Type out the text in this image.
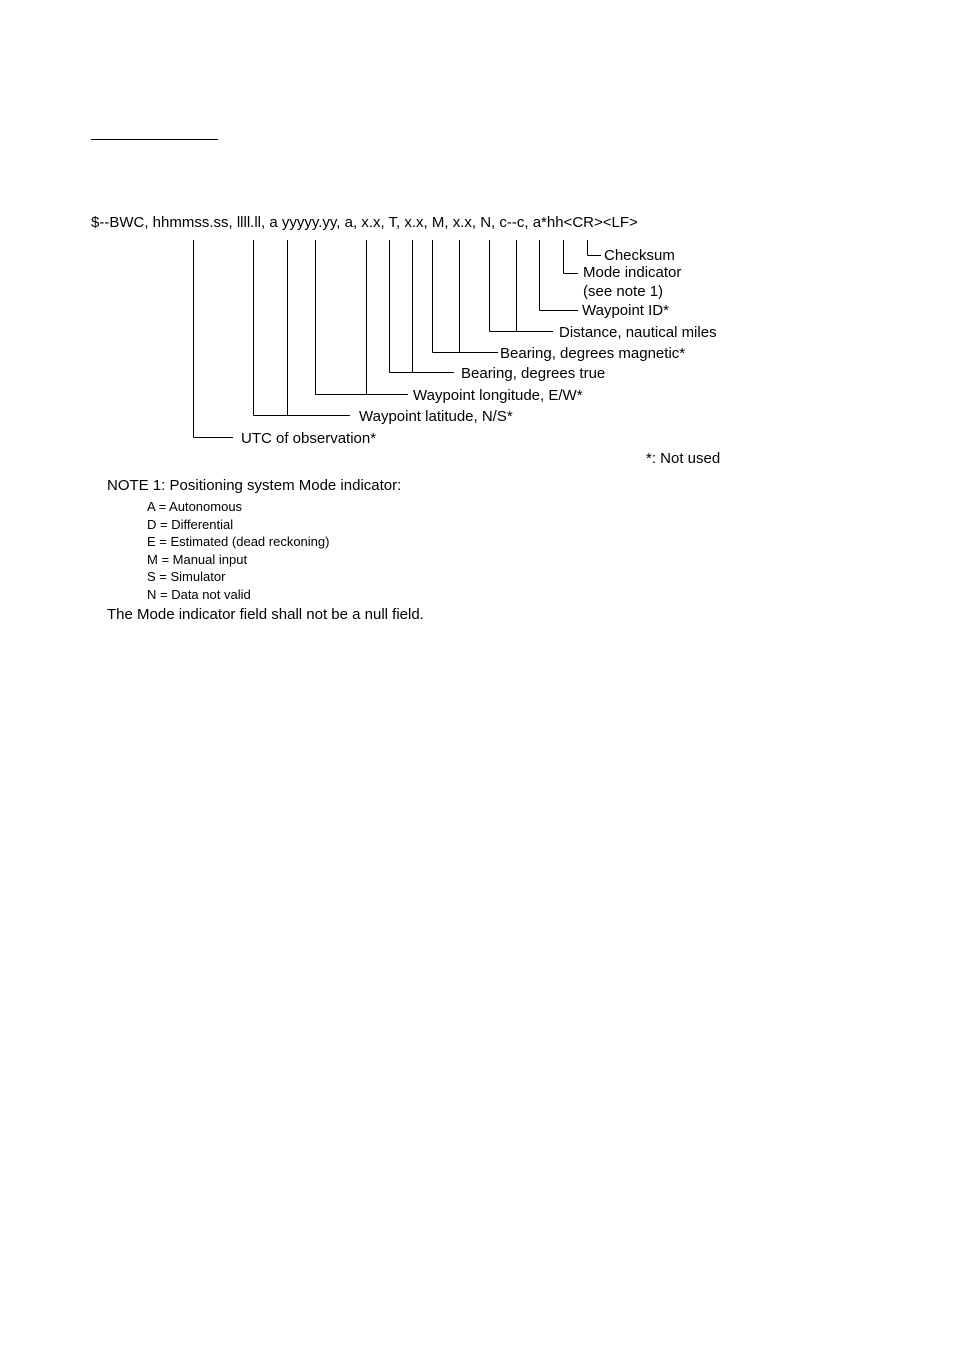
$--BWC, hhmmss.ss, llll.ll, a yyyyy.yy, a, x.x, T, x.x, M, x.x, N, c--c, a*hh<CR><LF>
Checksum
Mode indicator
(see note 1)
Waypoint ID*
Distance, nautical miles
Bearing, degrees magnetic*
Bearing, degrees true
Waypoint longitude, E/W*
Waypoint latitude, N/S*
UTC of observation*
*: Not used
NOTE 1: Positioning system Mode indicator:
A = Autonomous
D = Differential
E = Estimated (dead reckoning)
M = Manual input
S = Simulator
N = Data not valid
The Mode indicator field shall not be a null field.
